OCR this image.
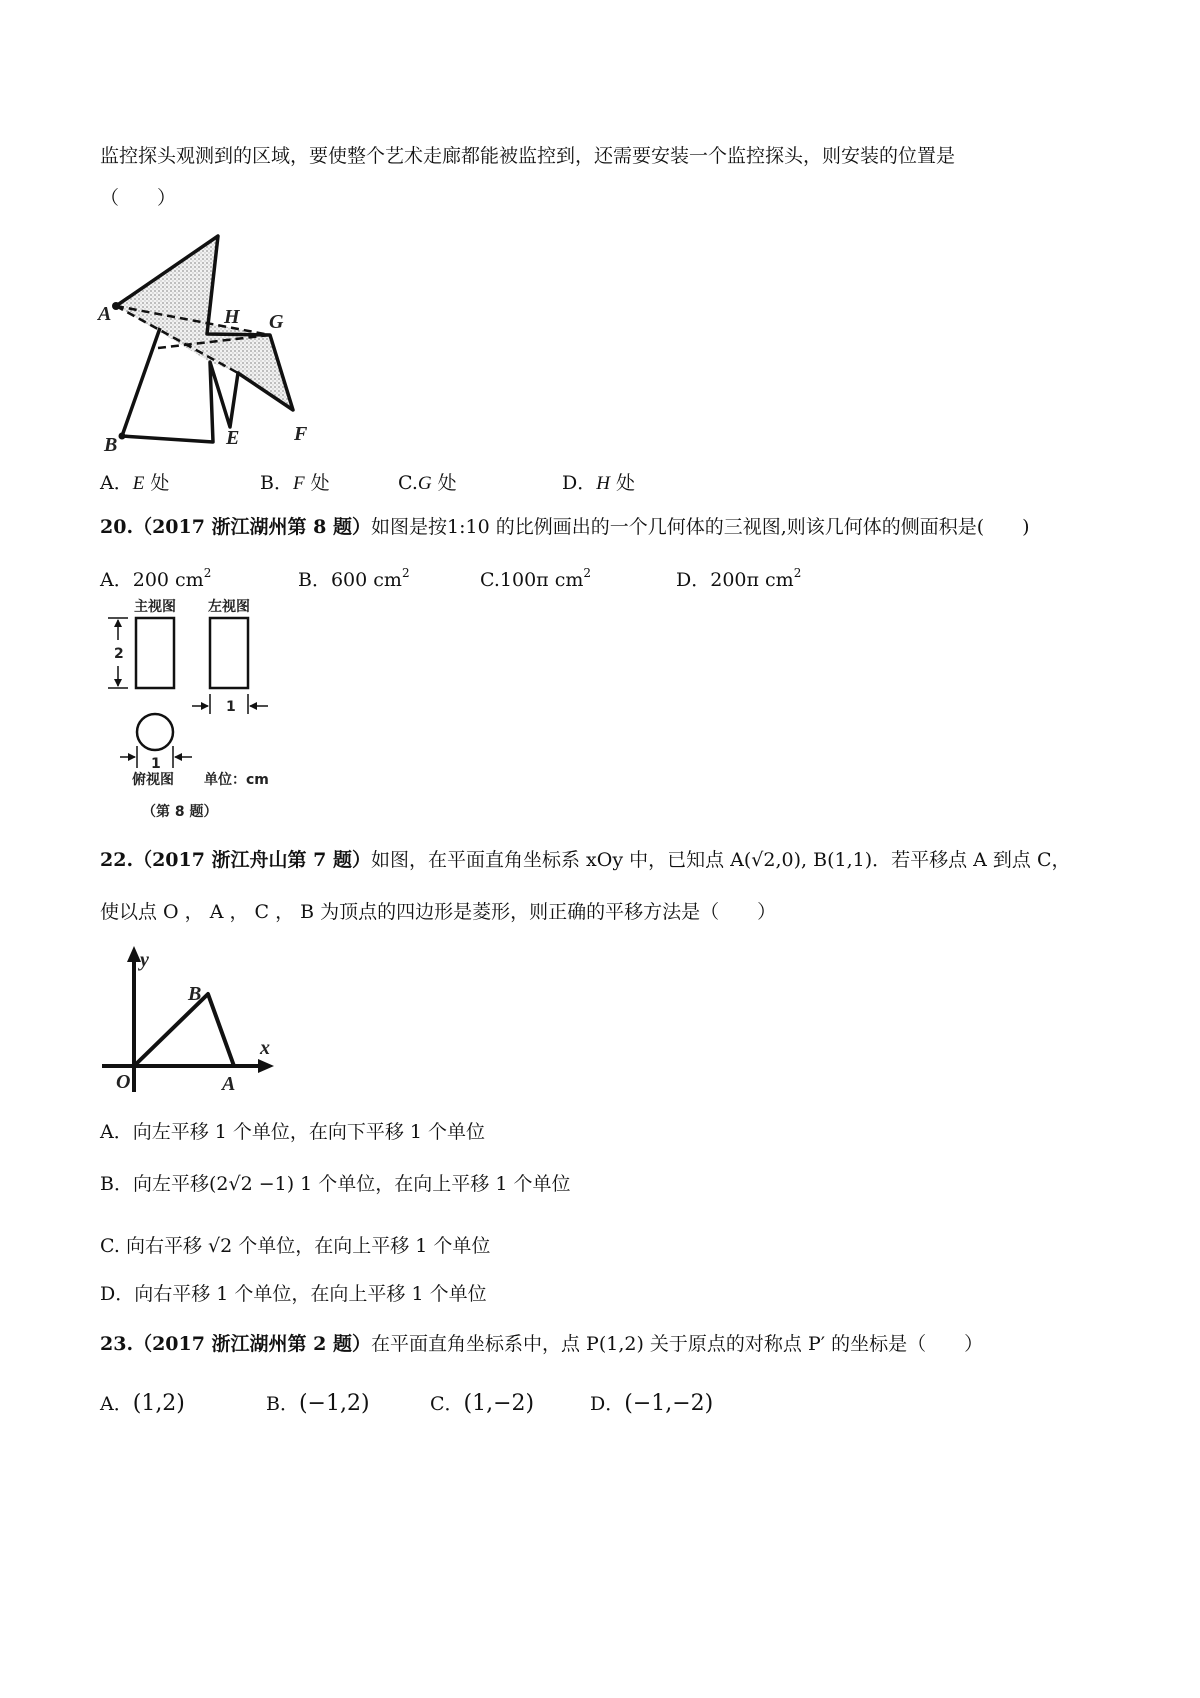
监控探头观测到的区域，要使整个艺术走廊都能被监控到，还需要安装一个监控探头，则安装的位置是
（　　）
A	H G
B	E	F
A．E 处	B．F 处	C.G 处	D．H 处
20.（2017 浙江湖州第 8 题）如图是按1:10 的比例画出的一个几何体的三视图,则该几何体的侧面积是(　　)
A．200 $cm^2$	B．600 $cm^2$	C.100π $cm^2$	D．200π $cm^2$
主视图 左视图
2
1
1
俯视图 单位：cm
（第 8 题）
22.（2017 浙江舟山第 7 题）如图，在平面直角坐标系 xOy 中，已知点 A(√2,0), B(1,1)．若平移点 A 到点 C，
使以点 O ， A ， C ， B 为顶点的四边形是菱形，则正确的平移方法是（　　）
y
x
O	A
B
A．向左平移 1 个单位，在向下平移 1 个单位
B．向左平移(2√2 −1) 1 个单位，在向上平移 1 个单位
C. 向右平移 √2 个单位，在向上平移 1 个单位
D．向右平移 1 个单位，在向上平移 1 个单位
23.（2017 浙江湖州第 2 题）在平面直角坐标系中，点 P(1,2) 关于原点的对称点 P′ 的坐标是（　　）
A．(1,2)	B．(−1,2)	C．(1,−2)	D．(−1,−2)
